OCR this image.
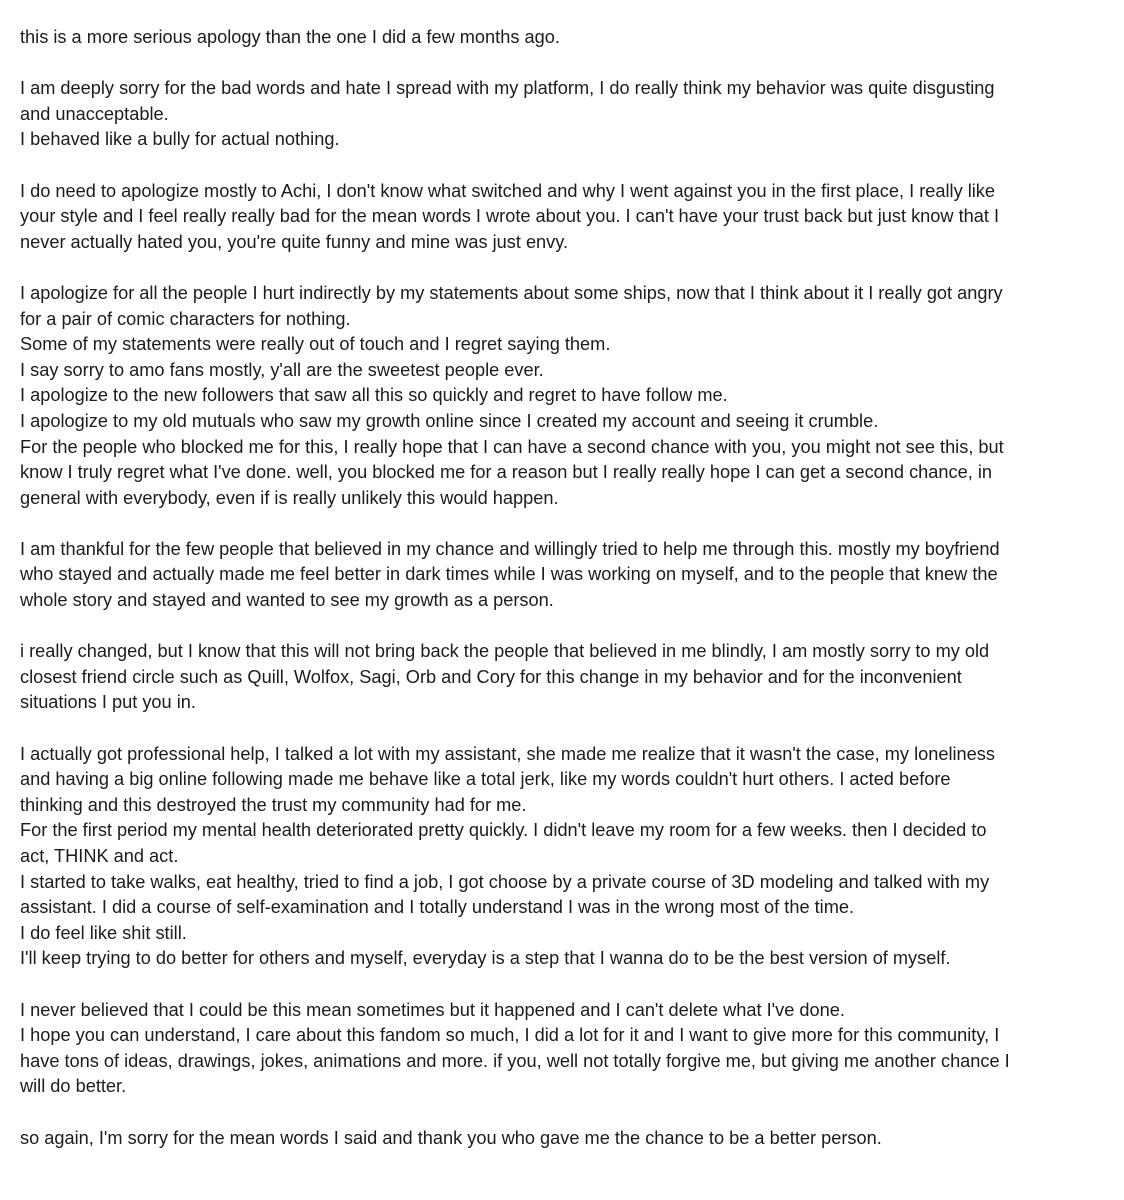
this is a more serious apology than the one I did a few months ago.

I am deeply sorry for the bad words and hate I spread with my platform, I do really think my behavior was quite disgusting
and unacceptable.
I behaved like a bully for actual nothing.

I do need to apologize mostly to Achi, I don't know what switched and why I went against you in the first place, I really like
your style and I feel really really bad for the mean words I wrote about you. I can't have your trust back but just know that I
never actually hated you, you're quite funny and mine was just envy.

I apologize for all the people I hurt indirectly by my statements about some ships, now that I think about it I really got angry
for a pair of comic characters for nothing.
Some of my statements were really out of touch and I regret saying them.
I say sorry to amo fans mostly, y'all are the sweetest people ever.
I apologize to the new followers that saw all this so quickly and regret to have follow me.
I apologize to my old mutuals who saw my growth online since I created my account and seeing it crumble.
For the people who blocked me for this, I really hope that I can have a second chance with you, you might not see this, but
know I truly regret what I've done. well, you blocked me for a reason but I really really hope I can get a second chance, in
general with everybody, even if is really unlikely this would happen.

I am thankful for the few people that believed in my chance and willingly tried to help me through this. mostly my boyfriend
who stayed and actually made me feel better in dark times while I was working on myself, and to the people that knew the
whole story and stayed and wanted to see my growth as a person.

i really changed, but I know that this will not bring back the people that believed in me blindly, I am mostly sorry to my old
closest friend circle such as Quill, Wolfox, Sagi, Orb and Cory for this change in my behavior and for the inconvenient
situations I put you in.

I actually got professional help, I talked a lot with my assistant, she made me realize that it wasn't the case, my loneliness
and having a big online following made me behave like a total jerk, like my words couldn't hurt others. I acted before
thinking and this destroyed the trust my community had for me.
For the first period my mental health deteriorated pretty quickly. I didn't leave my room for a few weeks. then I decided to
act, THINK and act.
I started to take walks, eat healthy, tried to find a job, I got choose by a private course of 3D modeling and talked with my
assistant. I did a course of self-examination and I totally understand I was in the wrong most of the time.
I do feel like shit still.
I'll keep trying to do better for others and myself, everyday is a step that I wanna do to be the best version of myself.

I never believed that I could be this mean sometimes but it happened and I can't delete what I've done.
I hope you can understand, I care about this fandom so much, I did a lot for it and I want to give more for this community, I
have tons of ideas, drawings, jokes, animations and more. if you, well not totally forgive me, but giving me another chance I
will do better.

so again, I'm sorry for the mean words I said and thank you who gave me the chance to be a better person.
